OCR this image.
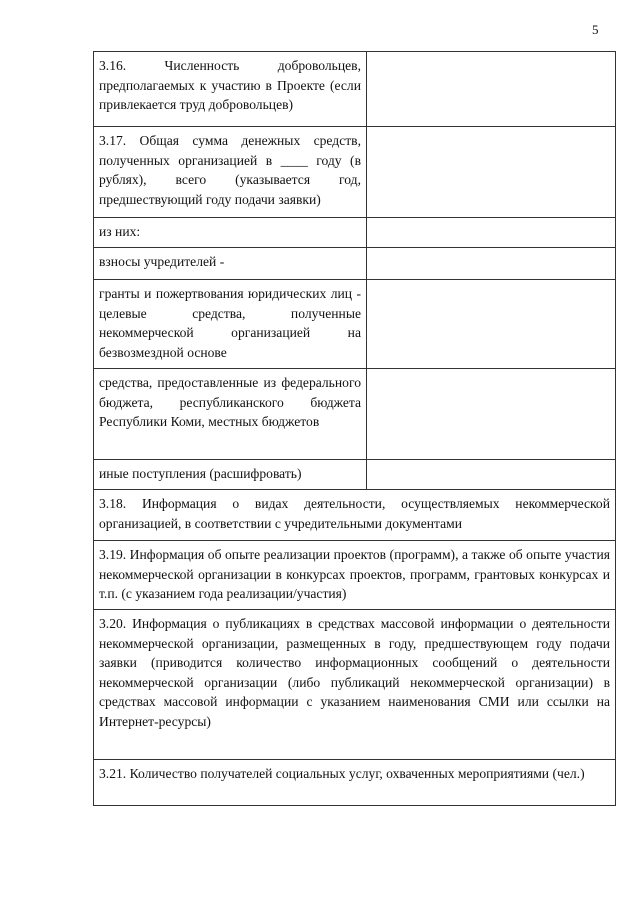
5
3.16. Численность добровольцев, предполагаемых к участию в Проекте (если привлекается труд добровольцев)	
3.17. Общая сумма денежных средств, полученных организацией в ____ году (в рублях), всего (указывается год, предшествующий году подачи заявки)	
из них:	
взносы учредителей -	
гранты и пожертвования юридических лиц - целевые средства, полученные некоммерческой организацией на безвозмездной основе	
средства, предоставленные из федерального бюджета, республиканского бюджета Республики Коми, местных бюджетов	
иные поступления (расшифровать)	
3.18. Информация о видах деятельности, осуществляемых некоммерческой организацией, в соответствии с учредительными документами	
3.19. Информация об опыте реализации проектов (программ), а также об опыте участия некоммерческой организации в конкурсах проектов, программ, грантовых конкурсах и т.п. (с указанием года реализации/участия)	
3.20. Информация о публикациях в средствах массовой информации о деятельности некоммерческой организации, размещенных в году, предшествующем году подачи заявки (приводится количество информационных сообщений о деятельности некоммерческой организации (либо публикаций некоммерческой организации) в средствах массовой информации с указанием наименования СМИ или ссылки на Интернет-ресурсы)	
3.21. Количество получателей социальных услуг, охваченных мероприятиями (чел.)	
